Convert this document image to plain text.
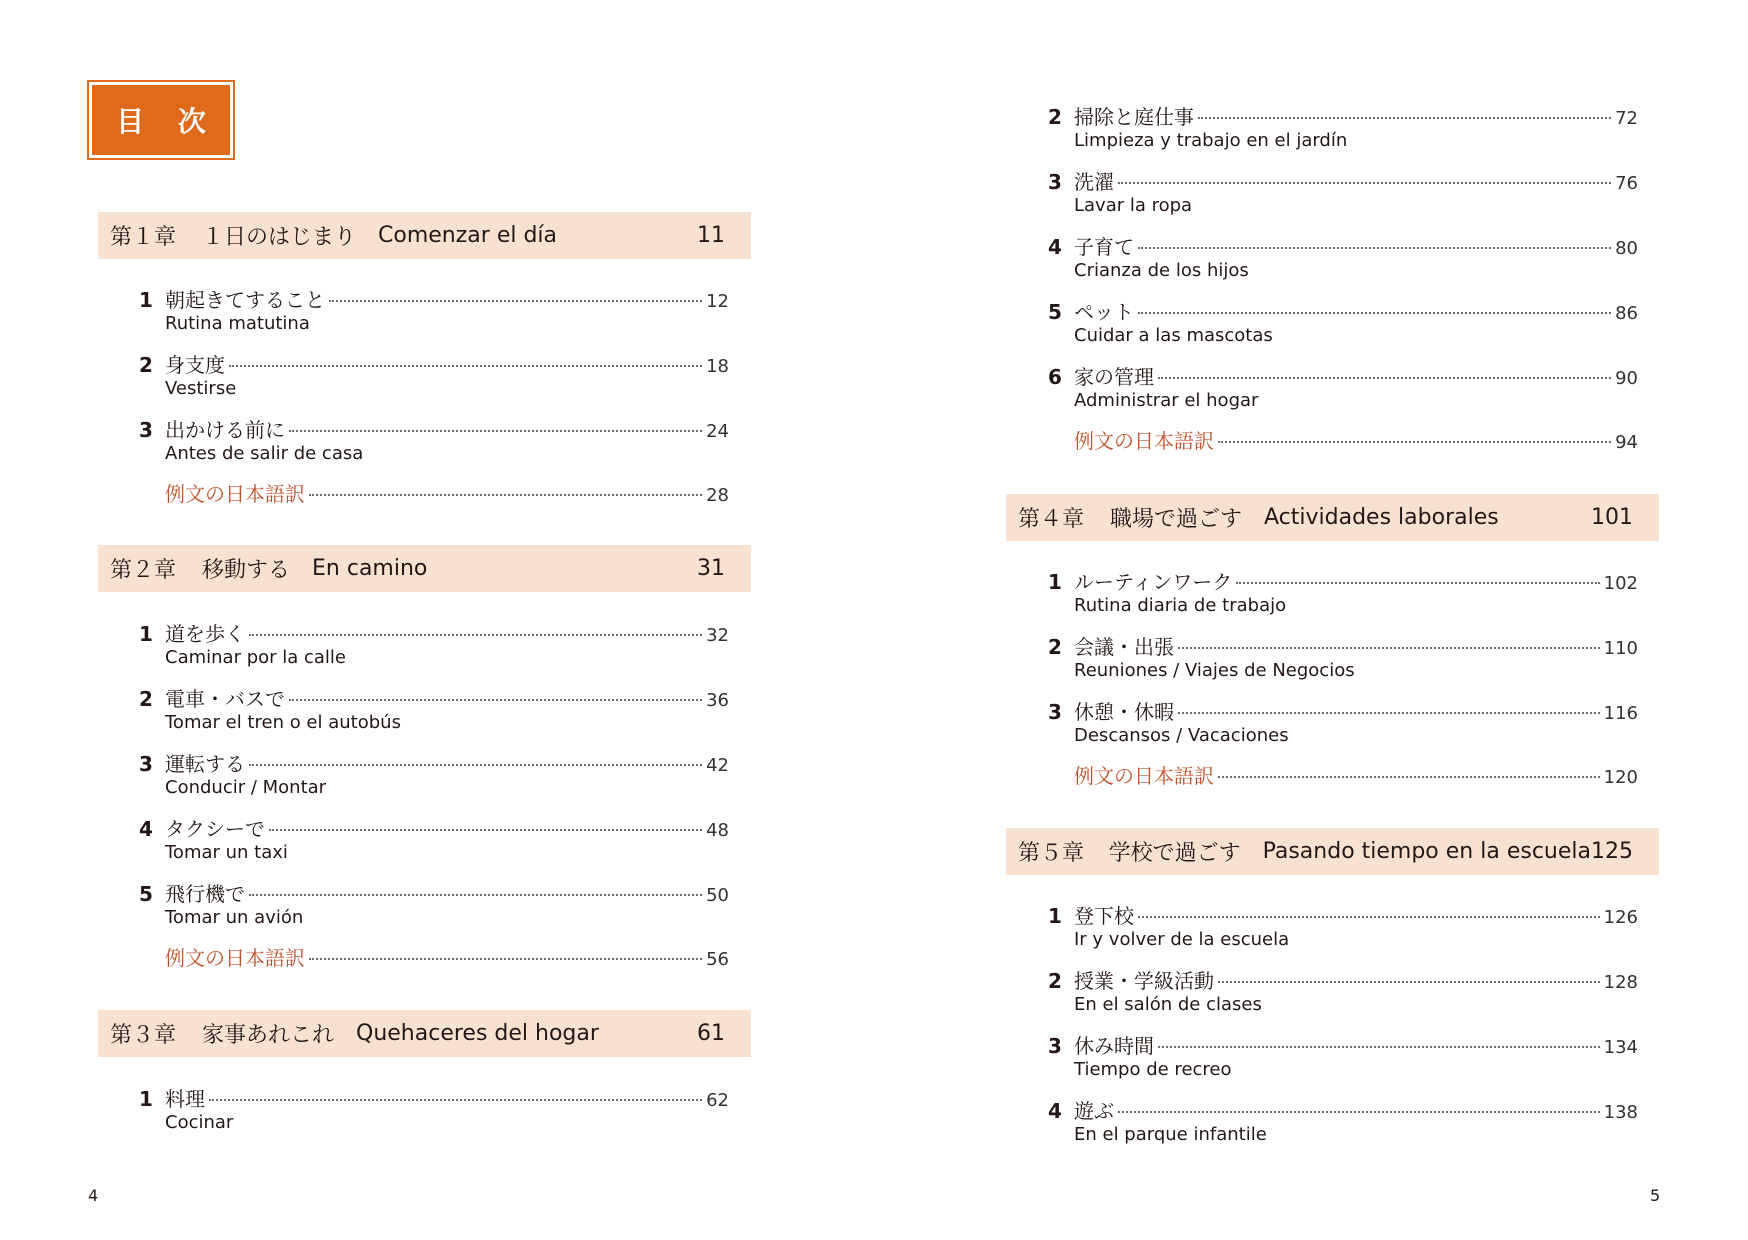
目 次
第１章	１日のはじまり Comenzar el día	11
1 朝起きてすること	12
Rutina matutina
2 身支度	18
Vestirse
3 出かける前に	24
Antes de salir de casa
例文の日本語訳	28
第２章	移動する En camino	31
1 道を歩く	32
Caminar por la calle
2 電車・バスで	36
Tomar el tren o el autobús
3 運転する	42
Conducir / Montar
4 タクシーで	48
Tomar un taxi
5 飛行機で	50
Tomar un avión
例文の日本語訳	56
第３章	家事あれこれ Quehaceres del hogar	61
1 料理	62
Cocinar
4
2 掃除と庭仕事	72
Limpieza y trabajo en el jardín
3 洗濯	76
Lavar la ropa
4 子育て	80
Crianza de los hijos
5 ペット	86
Cuidar a las mascotas
6 家の管理	90
Administrar el hogar
例文の日本語訳	94
第４章	職場で過ごす Actividades laborales	101
1 ルーティンワーク	102
Rutina diaria de trabajo
2 会議・出張	110
Reuniones / Viajes de Negocios
3 休憩・休暇	116
Descansos / Vacaciones
例文の日本語訳	120
第５章	学校で過ごす Pasando tiempo en la escuela 125
1 登下校	126
Ir y volver de la escuela
2 授業・学級活動	128
En el salón de clases
3 休み時間	134
Tiempo de recreo
4 遊ぶ	138
En el parque infantile
5
